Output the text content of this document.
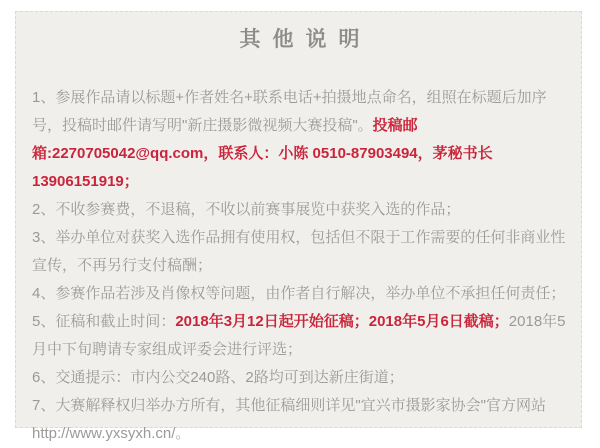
其他说明

1、参展作品请以标题+作者姓名+联系电话+拍摄地点命名，组照在标题后加序号，投稿时邮件请写明"新庄摄影微视频大赛投稿"。投稿邮箱:2270705042@qq.com，联系人：小陈 0510-87903494，茅秘书长13906151919；

2、不收参赛费，不退稿，不收以前赛事展览中获奖入选的作品；

3、举办单位对获奖入选作品拥有使用权，包括但不限于工作需要的任何非商业性宣传，不再另行支付稿酬；

4、参赛作品若涉及肖像权等问题，由作者自行解决，举办单位不承担任何责任；

5、征稿和截止时间：2018年3月12日起开始征稿；2018年5月6日截稿；2018年5月中下旬聘请专家组成评委会进行评选；

6、交通提示：市内公交240路、2路均可到达新庄街道；

7、大赛解释权归举办方所有，其他征稿细则详见"宜兴市摄影家协会"官方网站 http://www.yxsyxh.cn/。
